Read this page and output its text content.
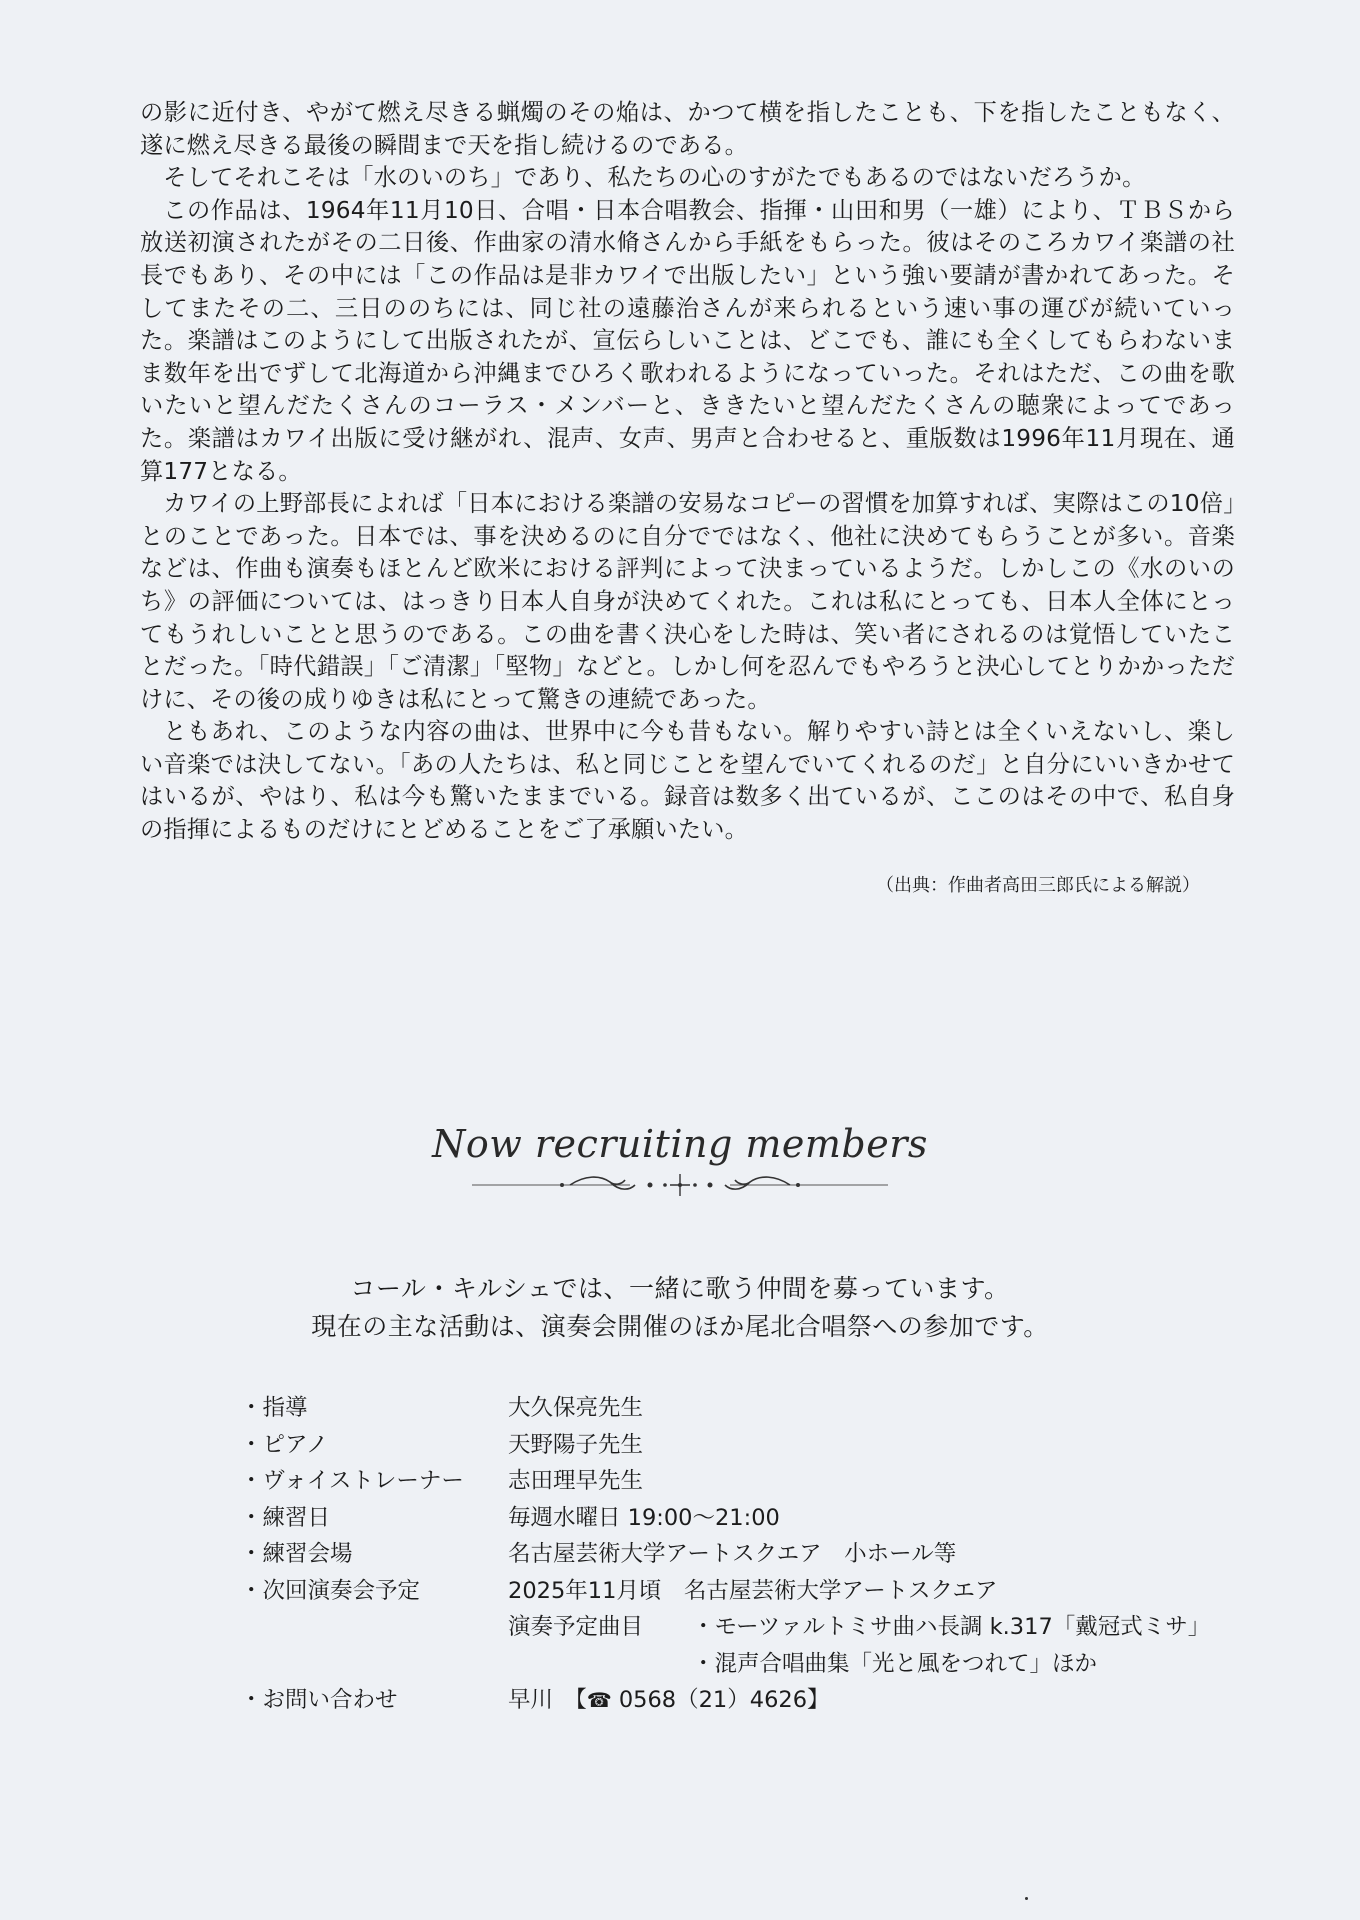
の影に近付き、やがて燃え尽きる蝋燭のその焔は、かつて横を指したことも、下を指したこともなく、遂に燃え尽きる最後の瞬間まで天を指し続けるのである。

そしてそれこそは「水のいのち」であり、私たちの心のすがたでもあるのではないだろうか。

この作品は、1964年11月10日、合唱・日本合唱教会、指揮・山田和男（一雄）により、ＴＢＳから放送初演されたがその二日後、作曲家の清水脩さんから手紙をもらった。彼はそのころカワイ楽譜の社長でもあり、その中には「この作品は是非カワイで出版したい」という強い要請が書かれてあった。そしてまたその二、三日ののちには、同じ社の遠藤治さんが来られるという速い事の運びが続いていった。楽譜はこのようにして出版されたが、宣伝らしいことは、どこでも、誰にも全くしてもらわないまま数年を出でずして北海道から沖縄までひろく歌われるようになっていった。それはただ、この曲を歌いたいと望んだたくさんのコーラス・メンバーと、ききたいと望んだたくさんの聴衆によってであった。楽譜はカワイ出版に受け継がれ、混声、女声、男声と合わせると、重版数は1996年11月現在、通算177となる。

カワイの上野部長によれば「日本における楽譜の安易なコピーの習慣を加算すれば、実際はこの10倍」とのことであった。日本では、事を決めるのに自分でではなく、他社に決めてもらうことが多い。音楽などは、作曲も演奏もほとんど欧米における評判によって決まっているようだ。しかしこの《水のいのち》の評価については、はっきり日本人自身が決めてくれた。これは私にとっても、日本人全体にとってもうれしいことと思うのである。この曲を書く決心をした時は、笑い者にされるのは覚悟していたことだった。「時代錯誤」「ご清潔」「堅物」などと。しかし何を忍んでもやろうと決心してとりかかっただけに、その後の成りゆきは私にとって驚きの連続であった。

ともあれ、このような内容の曲は、世界中に今も昔もない。解りやすい詩とは全くいえないし、楽しい音楽では決してない。「あの人たちは、私と同じことを望んでいてくれるのだ」と自分にいいきかせてはいるが、やはり、私は今も驚いたままでいる。録音は数多く出ているが、ここのはその中で、私自身の指揮によるものだけにとどめることをご了承願いたい。

（出典：作曲者高田三郎氏による解説）
Now recruiting members
コール・キルシェでは、一緒に歌う仲間を募っています。
現在の主な活動は、演奏会開催のほか尾北合唱祭への参加です。
・指導	大久保亮先生
・ピアノ	天野陽子先生
・ヴォイストレーナー 志田理早先生
・練習日	毎週水曜日 19:00～21:00
・練習会場	名古屋芸術大学アートスクエア　小ホール等
・次回演奏会予定	2025年11月頃　名古屋芸術大学アートスクエア
演奏予定曲目 ・モーツァルトミサ曲ハ長調 k.317「戴冠式ミサ」
・混声合唱曲集「光と風をつれて」ほか
・お問い合わせ	早川　【☎ 0568（21）4626】
